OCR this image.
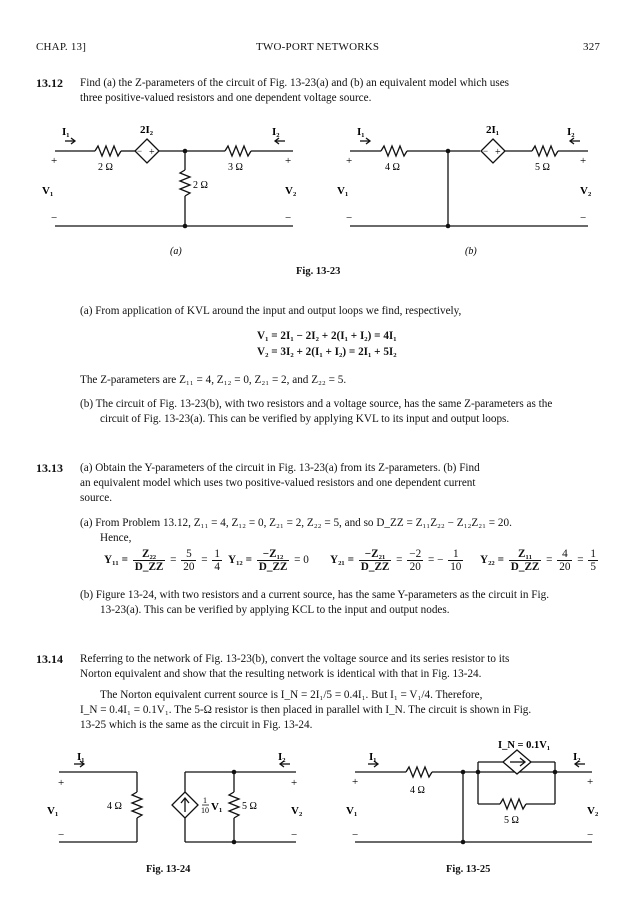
CHAP. 13]	TWO-PORT NETWORKS	327
13.12 Find (a) the Z-parameters of the circuit of Fig. 13-23(a) and (b) an equivalent model which uses
three positive-valued resistors and one dependent voltage source.
I₁	I₂
2I₂
− +
2 Ω	3 Ω
2 Ω
+	+
−	−
V₁	V₂
(a)
I₁	I₂
2I₁
− +
4 Ω	5 Ω
+	+
−	−
V₁	V₂
(b)
Fig. 13-23
(a) From application of KVL around the input and output loops we find, respectively,
V₁ = 2I₁ − 2I₂ + 2(I₁ + I₂) = 4I₁
V₂ = 3I₂ + 2(I₁ + I₂) = 2I₁ + 5I₂
The Z-parameters are Z₁₁ = 4, Z₁₂ = 0, Z₂₁ = 2, and Z₂₂ = 5.
(b) The circuit of Fig. 13-23(b), with two resistors and a voltage source, has the same Z-parameters as the
circuit of Fig. 13-23(a). This can be verified by applying KVL to its input and output loops.
13.13 (a) Obtain the Y-parameters of the circuit in Fig. 13-23(a) from its Z-parameters. (b) Find
an equivalent model which uses two positive-valued resistors and one dependent current
source.
(a) From Problem 13.12, Z₁₁ = 4, Z₁₂ = 0, Z₂₁ = 2, Z₂₂ = 5, and so D_ZZ = Z₁₁Z₂₂ − Z₁₂Z₂₁ = 20.
Hence,
$Y_{11} = \frac{\text{Z₂₂}}{D\_ZZ} = \frac{5}{20} = \frac{1}{4} Y_{12} = \frac{\text{−Z₁₂}}{D\_ZZ} = 0$ $Y_{21} = \frac{\text{−Z₂₁}}{D\_ZZ} = \frac{-2}{20}$ = − $\frac{1}{10} Y_{22} = \frac{\text{Z₁₁}}{D\_ZZ} = \frac{4}{20} = \frac{1}{5}$
(b) Figure 13-24, with two resistors and a current source, has the same Y-parameters as the circuit in Fig.
13-23(a). This can be verified by applying KCL to the input and output nodes.
13.14 Referring to the network of Fig. 13-23(b), convert the voltage source and its series resistor to its
Norton equivalent and show that the resulting network is identical with that in Fig. 13-24.
The Norton equivalent current source is I_N = 2I₁/5 = 0.4I₁. But I₁ = V₁/4. Therefore,
I_N = 0.4I₁ = 0.1V₁. The 5-Ω resistor is then placed in parallel with I_N. The circuit is shown in Fig.
13-25 which is the same as the circuit in Fig. 13-24.
I₁	I₂
+	+
−	−
V₁	V₂
4 Ω	5 Ω
1
10 V₁
Fig. 13-24
I_N = 0.1V₁
I₁	I₂
4 Ω
5 Ω
+	+
−	−
V₁	V₂
Fig. 13-25
